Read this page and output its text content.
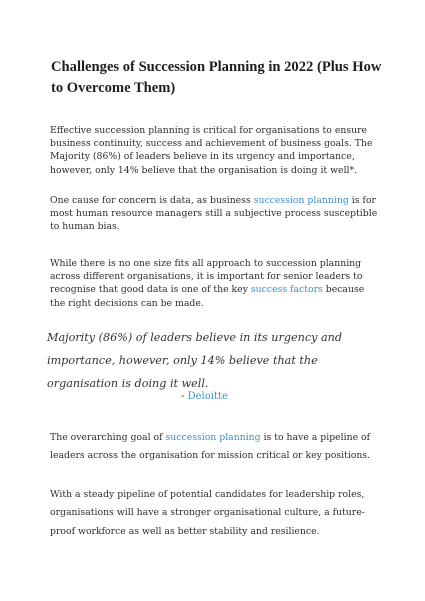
Challenges of Succession Planning in 2022 (Plus How to Overcome Them)

Effective succession planning is critical for organisations to ensure business continuity, success and achievement of business goals. The Majority (86%) of leaders believe in its urgency and importance, however, only 14% believe that the organisation is doing it well*.

One cause for concern is data, as business succession planning is for most human resource managers still a subjective process susceptible to human bias.

While there is no one size fits all approach to succession planning across different organisations, it is important for senior leaders to recognise that good data is one of the key success factors because the right decisions can be made.

Majority (86%) of leaders believe in its urgency and importance, however, only 14% believe that the organisation is doing it well.

- Deloitte

The overarching goal of succession planning is to have a pipeline of leaders across the organisation for mission critical or key positions.

With a steady pipeline of potential candidates for leadership roles, organisations will have a stronger organisational culture, a future-proof workforce as well as better stability and resilience.
